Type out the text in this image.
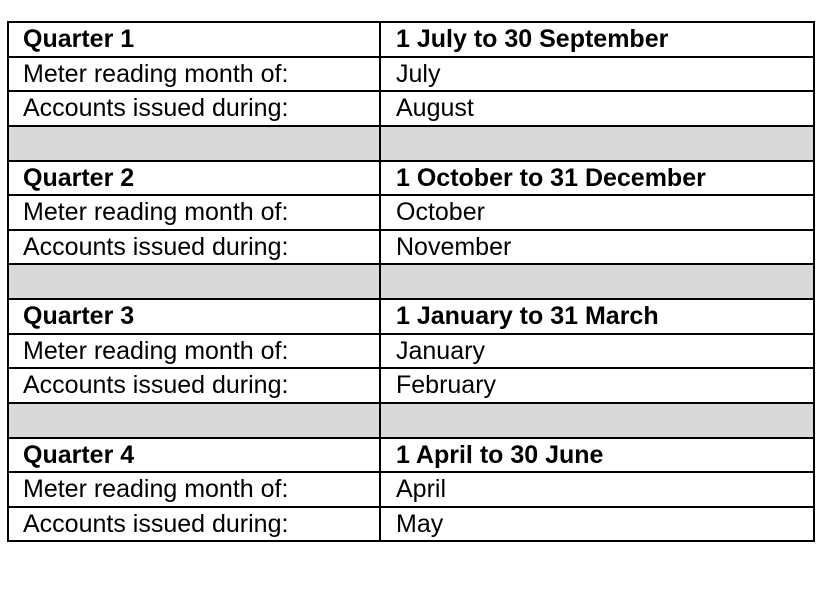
Quarter 1	1 July to 30 September
Meter reading month of:	July
Accounts issued during:	August

Quarter 2	1 October to 31 December
Meter reading month of:	October
Accounts issued during:	November

Quarter 3	1 January to 31 March
Meter reading month of:	January
Accounts issued during:	February

Quarter 4	1 April to 30 June
Meter reading month of:	April
Accounts issued during:	May
